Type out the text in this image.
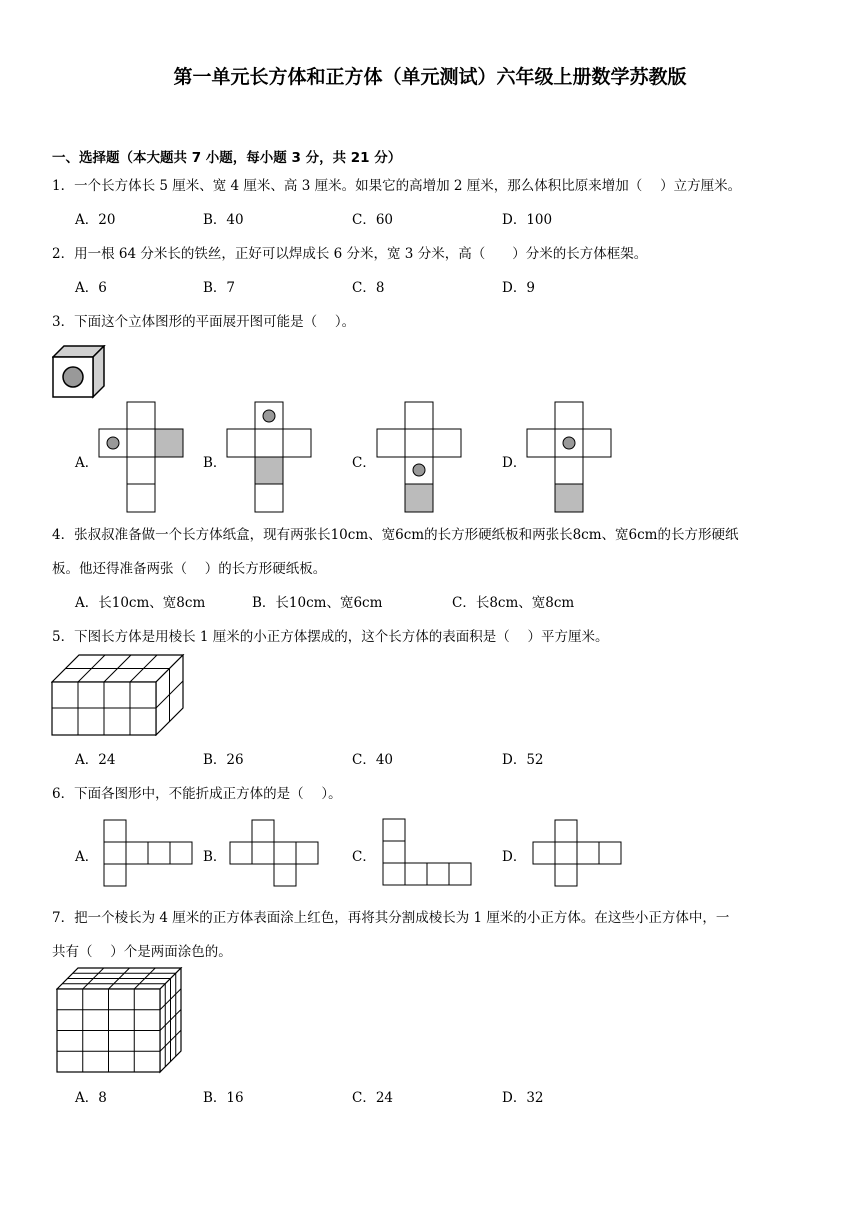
第一单元长方体和正方体（单元测试）六年级上册数学苏教版
一、选择题（本大题共 7 小题，每小题 3 分，共 21 分）
1．一个长方体长 5 厘米、宽 4 厘米、高 3 厘米。如果它的高增加 2 厘米，那么体积比原来增加（　 ）立方厘米。
A．20	B．40	C．60	D．100
2．用一根 64 分米长的铁丝，正好可以焊成长 6 分米，宽 3 分米，高（　　）分米的长方体框架。
A．6	B．7	C．8	D．9
3．下面这个立体图形的平面展开图可能是（　 ）。
A．	B．	C．	D．
4．张叔叔准备做一个长方体纸盒，现有两张长10cm、宽6cm的长方形硬纸板和两张长8cm、宽6cm的长方形硬纸
板。他还得准备两张（　 ）的长方形硬纸板。
A．长10cm、宽8cm	B．长10cm、宽6cm	C．长8cm、宽8cm
5．下图长方体是用棱长 1 厘米的小正方体摆成的，这个长方体的表面积是（　 ）平方厘米。
A．24	B．26	C．40	D．52
6．下面各图形中，不能折成正方体的是（　 ）。
A．	B．	C．	D．
7．把一个棱长为 4 厘米的正方体表面涂上红色，再将其分割成棱长为 1 厘米的小正方体。在这些小正方体中，一
共有（　 ）个是两面涂色的。
A．8	B．16	C．24	D．32
